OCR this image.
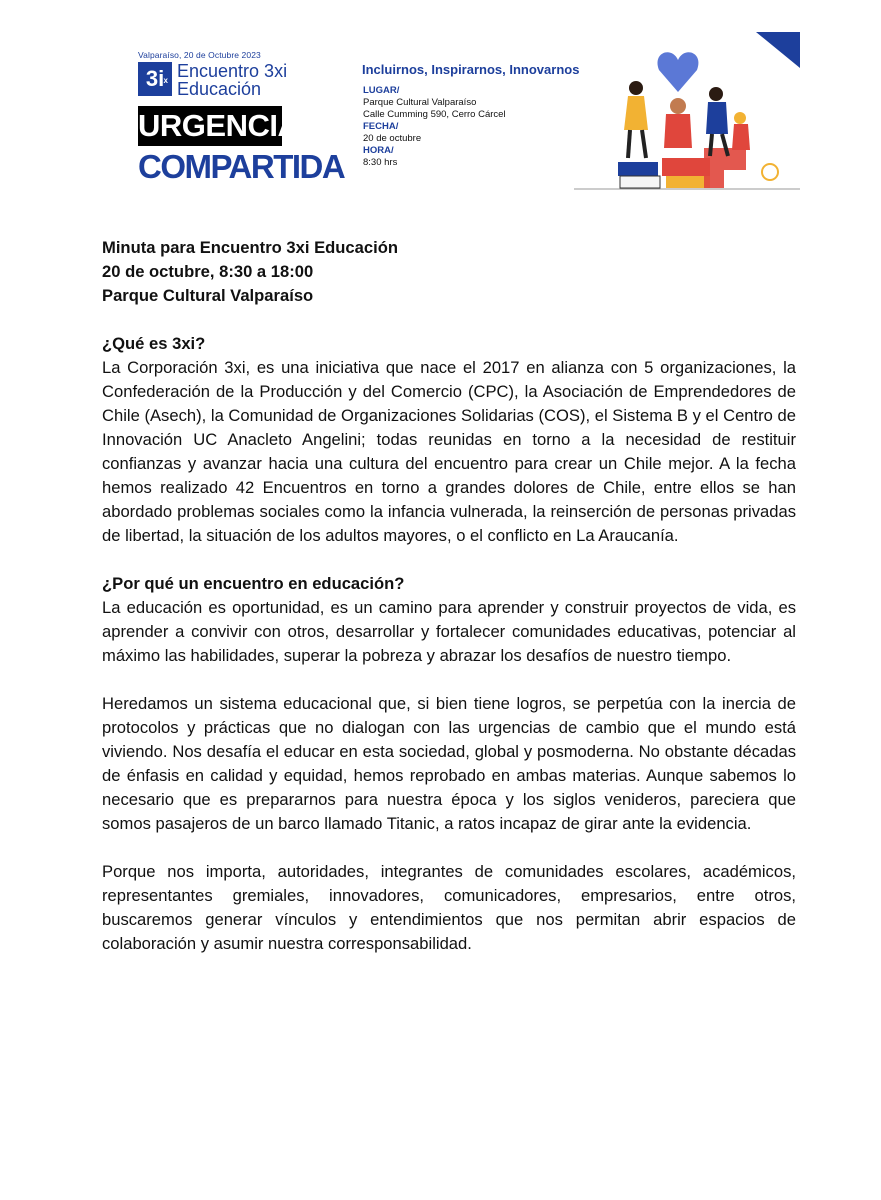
Valparaíso, 20 de Octubre 2023
3 x
i Encuentro 3xi
Educación
URGENCIA
COMPARTIDA
Incluirnos, Inspirarnos, Innovarnos
LUGAR/
Parque Cultural Valparaíso
Calle Cumming 590, Cerro Cárcel
FECHA/
20 de octubre
HORA/
8:30 hrs

Minuta para Encuentro 3xi Educación

20 de octubre, 8:30 a 18:00

Parque Cultural Valparaíso

¿Qué es 3xi?

La Corporación 3xi, es una iniciativa que nace el 2017 en alianza con 5 organizaciones, la Confederación de la Producción y del Comercio (CPC), la Asociación de Emprendedores de Chile (Asech), la Comunidad de Organizaciones Solidarias (COS), el Sistema B y el Centro de Innovación UC Anacleto Angelini; todas reunidas en torno a la necesidad de restituir confianzas y avanzar hacia una cultura del encuentro para crear un Chile mejor. A la fecha hemos realizado 42 Encuentros en torno a grandes dolores de Chile, entre ellos se han abordado problemas sociales como la infancia vulnerada, la reinserción de personas privadas de libertad, la situación de los adultos mayores, o el conflicto en La Araucanía.

¿Por qué un encuentro en educación?

La educación es oportunidad, es un camino para aprender y construir proyectos de vida, es aprender a convivir con otros, desarrollar y fortalecer comunidades educativas, potenciar al máximo las habilidades, superar la pobreza y abrazar los desafíos de nuestro tiempo.

Heredamos un sistema educacional que, si bien tiene logros, se perpetúa con la inercia de protocolos y prácticas que no dialogan con las urgencias de cambio que el mundo está viviendo. Nos desafía el educar en esta sociedad, global y posmoderna. No obstante décadas de énfasis en calidad y equidad, hemos reprobado en ambas materias. Aunque sabemos lo necesario que es prepararnos para nuestra época y los siglos venideros, pareciera que somos pasajeros de un barco llamado Titanic, a ratos incapaz de girar ante la evidencia.

Porque nos importa, autoridades, integrantes de comunidades escolares, académicos, representantes gremiales, innovadores, comunicadores, empresarios, entre otros, buscaremos generar vínculos y entendimientos que nos permitan abrir espacios de colaboración y asumir nuestra corresponsabilidad.
